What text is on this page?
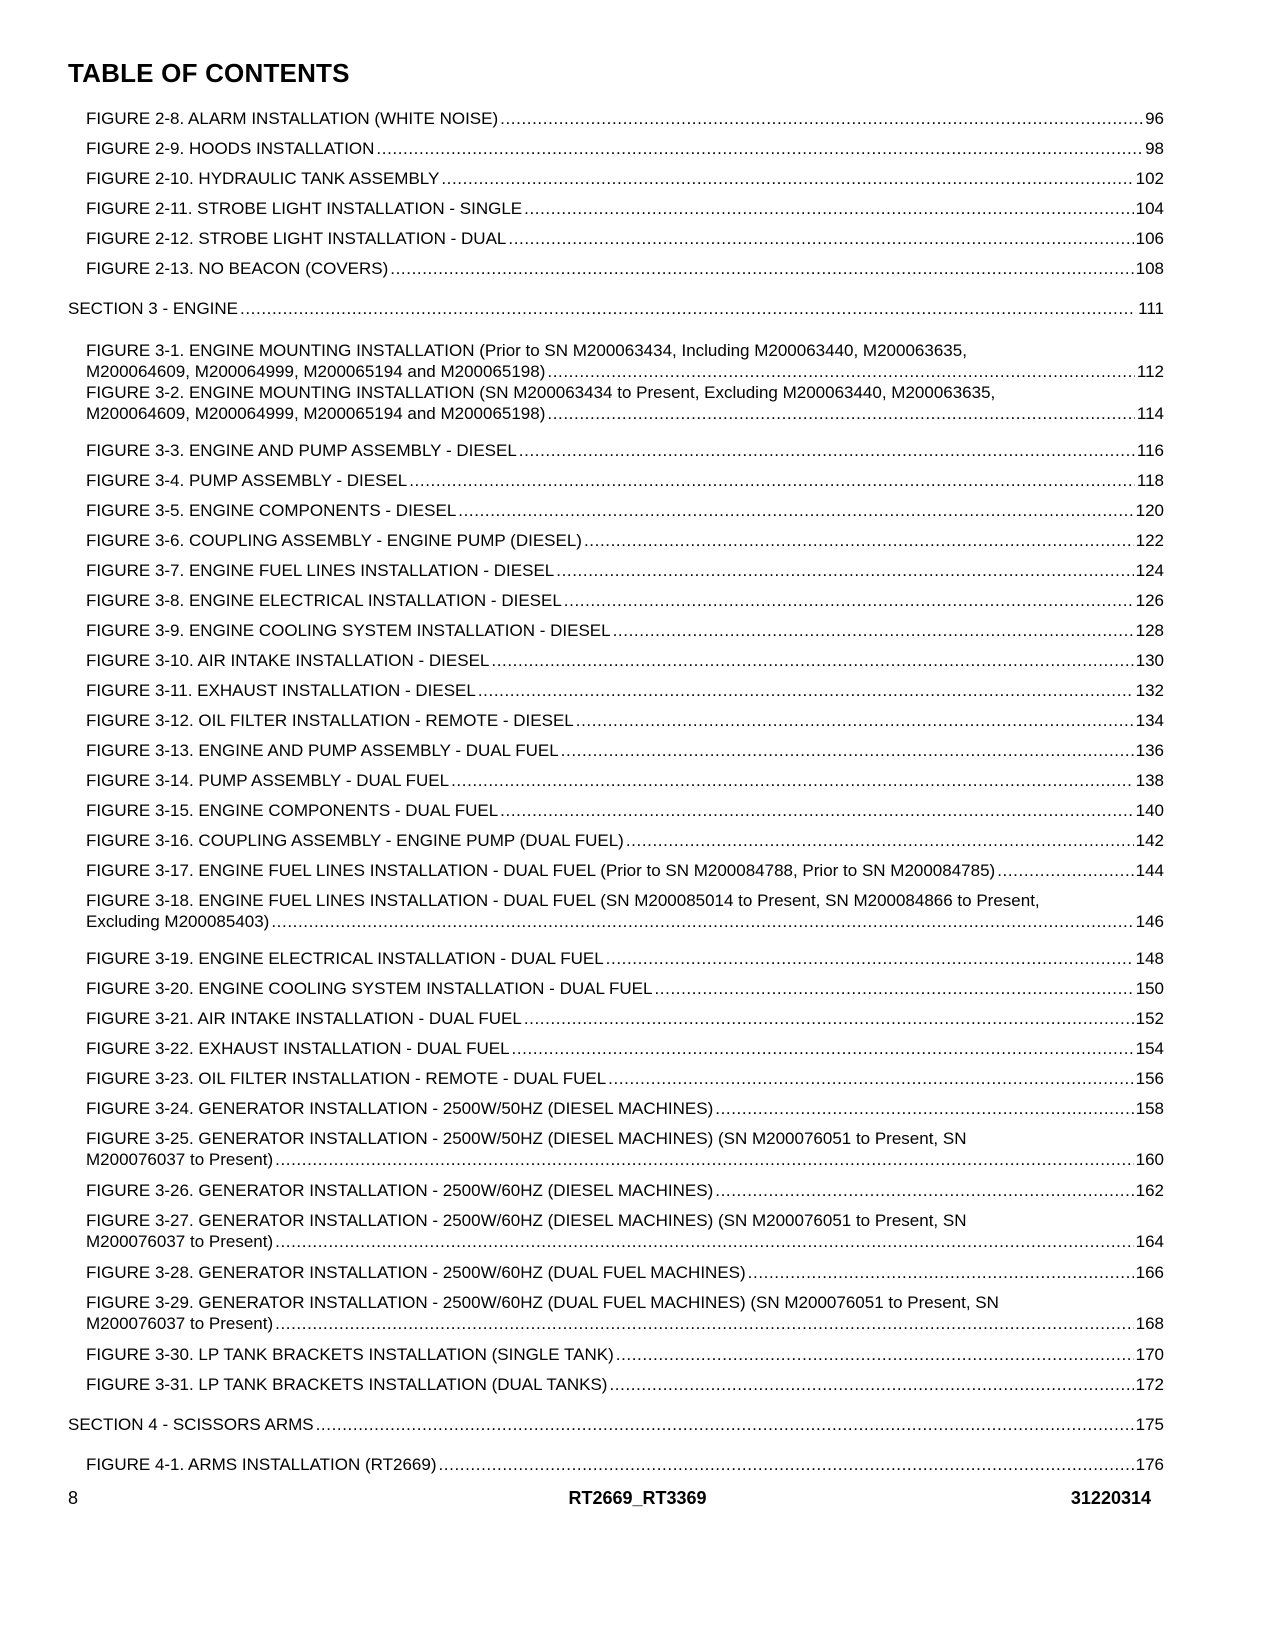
TABLE OF CONTENTS
FIGURE 2-8. ALARM INSTALLATION (WHITE NOISE) .....	96
FIGURE 2-9. HOODS INSTALLATION .....	98
FIGURE 2-10. HYDRAULIC TANK ASSEMBLY .....	102
FIGURE 2-11. STROBE LIGHT INSTALLATION - SINGLE .....	104
FIGURE 2-12. STROBE LIGHT INSTALLATION - DUAL .....	106
FIGURE 2-13. NO BEACON (COVERS) .....	108
SECTION 3 - ENGINE .....	111
FIGURE 3-1. ENGINE MOUNTING INSTALLATION (Prior to SN M200063434, Including M200063440, M200063635,
M200064609, M200064999, M200065194 and M200065198) .....	112
FIGURE 3-2. ENGINE MOUNTING INSTALLATION (SN M200063434 to Present, Excluding M200063440, M200063635,
M200064609, M200064999, M200065194 and M200065198) .....	114
FIGURE 3-3. ENGINE AND PUMP ASSEMBLY - DIESEL .....	116
FIGURE 3-4. PUMP ASSEMBLY - DIESEL .....	118
FIGURE 3-5. ENGINE COMPONENTS - DIESEL .....	120
FIGURE 3-6. COUPLING ASSEMBLY - ENGINE PUMP (DIESEL) .....	122
FIGURE 3-7. ENGINE FUEL LINES INSTALLATION - DIESEL .....	124
FIGURE 3-8. ENGINE ELECTRICAL INSTALLATION - DIESEL .....	126
FIGURE 3-9. ENGINE COOLING SYSTEM INSTALLATION - DIESEL .....	128
FIGURE 3-10. AIR INTAKE INSTALLATION - DIESEL .....	130
FIGURE 3-11. EXHAUST INSTALLATION - DIESEL .....	132
FIGURE 3-12. OIL FILTER INSTALLATION - REMOTE - DIESEL .....	134
FIGURE 3-13. ENGINE AND PUMP ASSEMBLY - DUAL FUEL .....	136
FIGURE 3-14. PUMP ASSEMBLY - DUAL FUEL .....	138
FIGURE 3-15. ENGINE COMPONENTS - DUAL FUEL .....	140
FIGURE 3-16. COUPLING ASSEMBLY - ENGINE PUMP (DUAL FUEL) .....	142
FIGURE 3-17. ENGINE FUEL LINES INSTALLATION - DUAL FUEL (Prior to SN M200084788, Prior to SN M200084785) .....	144
FIGURE 3-18. ENGINE FUEL LINES INSTALLATION - DUAL FUEL (SN M200085014 to Present, SN M200084866 to Present,
Excluding M200085403) .....	146
FIGURE 3-19. ENGINE ELECTRICAL INSTALLATION - DUAL FUEL .....	148
FIGURE 3-20. ENGINE COOLING SYSTEM INSTALLATION - DUAL FUEL .....	150
FIGURE 3-21. AIR INTAKE INSTALLATION - DUAL FUEL .....	152
FIGURE 3-22. EXHAUST INSTALLATION - DUAL FUEL .....	154
FIGURE 3-23. OIL FILTER INSTALLATION - REMOTE - DUAL FUEL .....	156
FIGURE 3-24. GENERATOR INSTALLATION - 2500W/50HZ (DIESEL MACHINES) .....	158
FIGURE 3-25. GENERATOR INSTALLATION - 2500W/50HZ (DIESEL MACHINES) (SN M200076051 to Present, SN
M200076037 to Present) .....	160
FIGURE 3-26. GENERATOR INSTALLATION - 2500W/60HZ (DIESEL MACHINES) .....	162
FIGURE 3-27. GENERATOR INSTALLATION - 2500W/60HZ (DIESEL MACHINES) (SN M200076051 to Present, SN
M200076037 to Present) .....	164
FIGURE 3-28. GENERATOR INSTALLATION - 2500W/60HZ (DUAL FUEL MACHINES) .....	166
FIGURE 3-29. GENERATOR INSTALLATION - 2500W/60HZ (DUAL FUEL MACHINES) (SN M200076051 to Present, SN
M200076037 to Present) .....	168
FIGURE 3-30. LP TANK BRACKETS INSTALLATION (SINGLE TANK) .....	170
FIGURE 3-31. LP TANK BRACKETS INSTALLATION (DUAL TANKS) .....	172
SECTION 4 - SCISSORS ARMS .....	175
FIGURE 4-1. ARMS INSTALLATION (RT2669) .....	176
8	RT2669_RT3369	31220314
